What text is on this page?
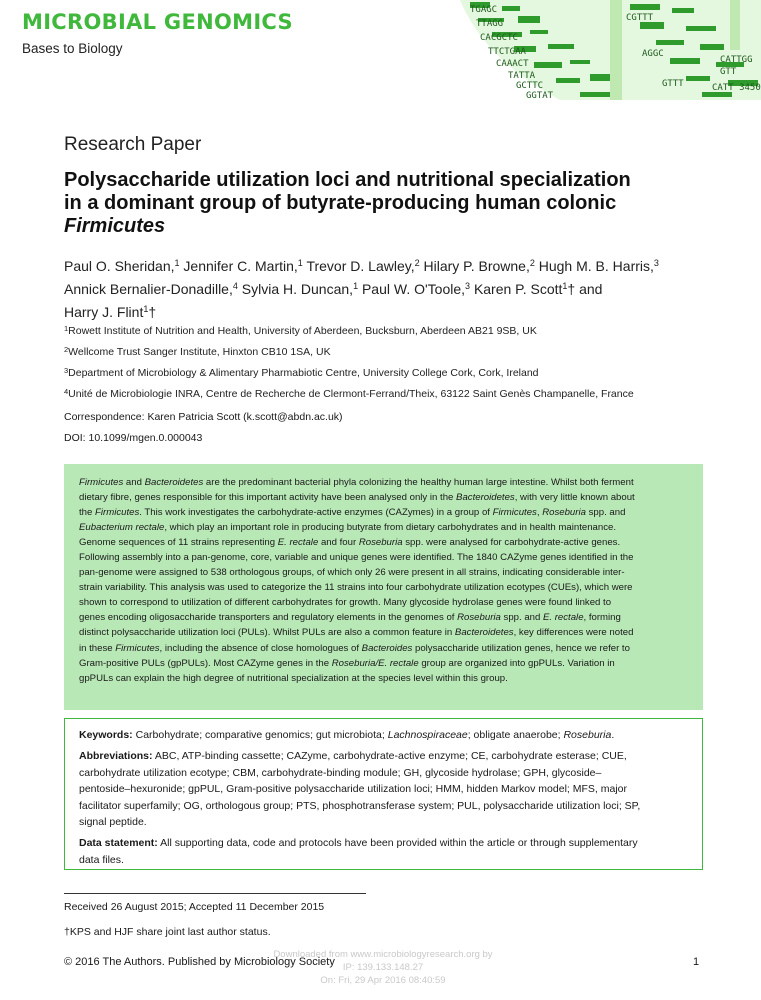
MICROBIAL GENOMICS
Bases to Biology
TGAGC
TTAGG
CACGCTC
TTCTGAA
CAAACT
TATTA
GCTTC
GGTAT
CGTTT
AGGC
GTTT
CATTGG
GTT
CATT 3450
Research Paper
Polysaccharide utilization loci and nutritional specialization
in a dominant group of butyrate-producing human colonic
Firmicutes
Paul O. Sheridan,$^1$ Jennifer C. Martin,$^1$ Trevor D. Lawley,$^2$ Hilary P. Browne,$^2$ Hugh M. B. Harris,$^3$
Annick Bernalier-Donadille,$^4$ Sylvia H. Duncan,$^1$ Paul W. O'Toole,$^3$ Karen P. Scott$^1$† and
Harry J. Flint$^1$†
$^1$Rowett Institute of Nutrition and Health, University of Aberdeen, Bucksburn, Aberdeen AB21 9SB, UK
$^2$Wellcome Trust Sanger Institute, Hinxton CB10 1SA, UK
$^3$Department of Microbiology & Alimentary Pharmabiotic Centre, University College Cork, Cork, Ireland
$^4$Unité de Microbiologie INRA, Centre de Recherche de Clermont-Ferrand/Theix, 63122 Saint Genès Champanelle, France
Correspondence: Karen Patricia Scott (k.scott@abdn.ac.uk)
DOI: 10.1099/mgen.0.000043
Firmicutes and Bacteroidetes are the predominant bacterial phyla colonizing the healthy human large intestine. Whilst both ferment
dietary fibre, genes responsible for this important activity have been analysed only in the Bacteroidetes, with very little known about
the Firmicutes. This work investigates the carbohydrate-active enzymes (CAZymes) in a group of Firmicutes, Roseburia spp. and
Eubacterium rectale, which play an important role in producing butyrate from dietary carbohydrates and in health maintenance.
Genome sequences of 11 strains representing E. rectale and four Roseburia spp. were analysed for carbohydrate-active genes.
Following assembly into a pan-genome, core, variable and unique genes were identified. The 1840 CAZyme genes identified in the
pan-genome were assigned to 538 orthologous groups, of which only 26 were present in all strains, indicating considerable inter-
strain variability. This analysis was used to categorize the 11 strains into four carbohydrate utilization ecotypes (CUEs), which were
shown to correspond to utilization of different carbohydrates for growth. Many glycoside hydrolase genes were found linked to
genes encoding oligosaccharide transporters and regulatory elements in the genomes of Roseburia spp. and E. rectale, forming
distinct polysaccharide utilization loci (PULs). Whilst PULs are also a common feature in Bacteroidetes, key differences were noted
in these Firmicutes, including the absence of close homologues of Bacteroides polysaccharide utilization genes, hence we refer to
Gram-positive PULs (gpPULs). Most CAZyme genes in the Roseburia/E. rectale group are organized into gpPULs. Variation in
gpPULs can explain the high degree of nutritional specialization at the species level within this group.
Keywords: Carbohydrate; comparative genomics; gut microbiota; Lachnospiraceae; obligate anaerobe; Roseburia.
Abbreviations: ABC, ATP-binding cassette; CAZyme, carbohydrate-active enzyme; CE, carbohydrate esterase; CUE,
carbohydrate utilization ecotype; CBM, carbohydrate-binding module; GH, glycoside hydrolase; GPH, glycoside–
pentoside–hexuronide; gpPUL, Gram-positive polysaccharide utilization loci; HMM, hidden Markov model; MFS, major
facilitator superfamily; OG, orthologous group; PTS, phosphotransferase system; PUL, polysaccharide utilization loci; SP,
signal peptide.
Data statement: All supporting data, code and protocols have been provided within the article or through supplementary
data files.
Received 26 August 2015; Accepted 11 December 2015
†KPS and HJF share joint last author status.
Downloaded from www.microbiologyresearch.org by
IP: 139.133.148.27
On: Fri, 29 Apr 2016 08:40:59
© 2016 The Authors. Published by Microbiology Society	1
